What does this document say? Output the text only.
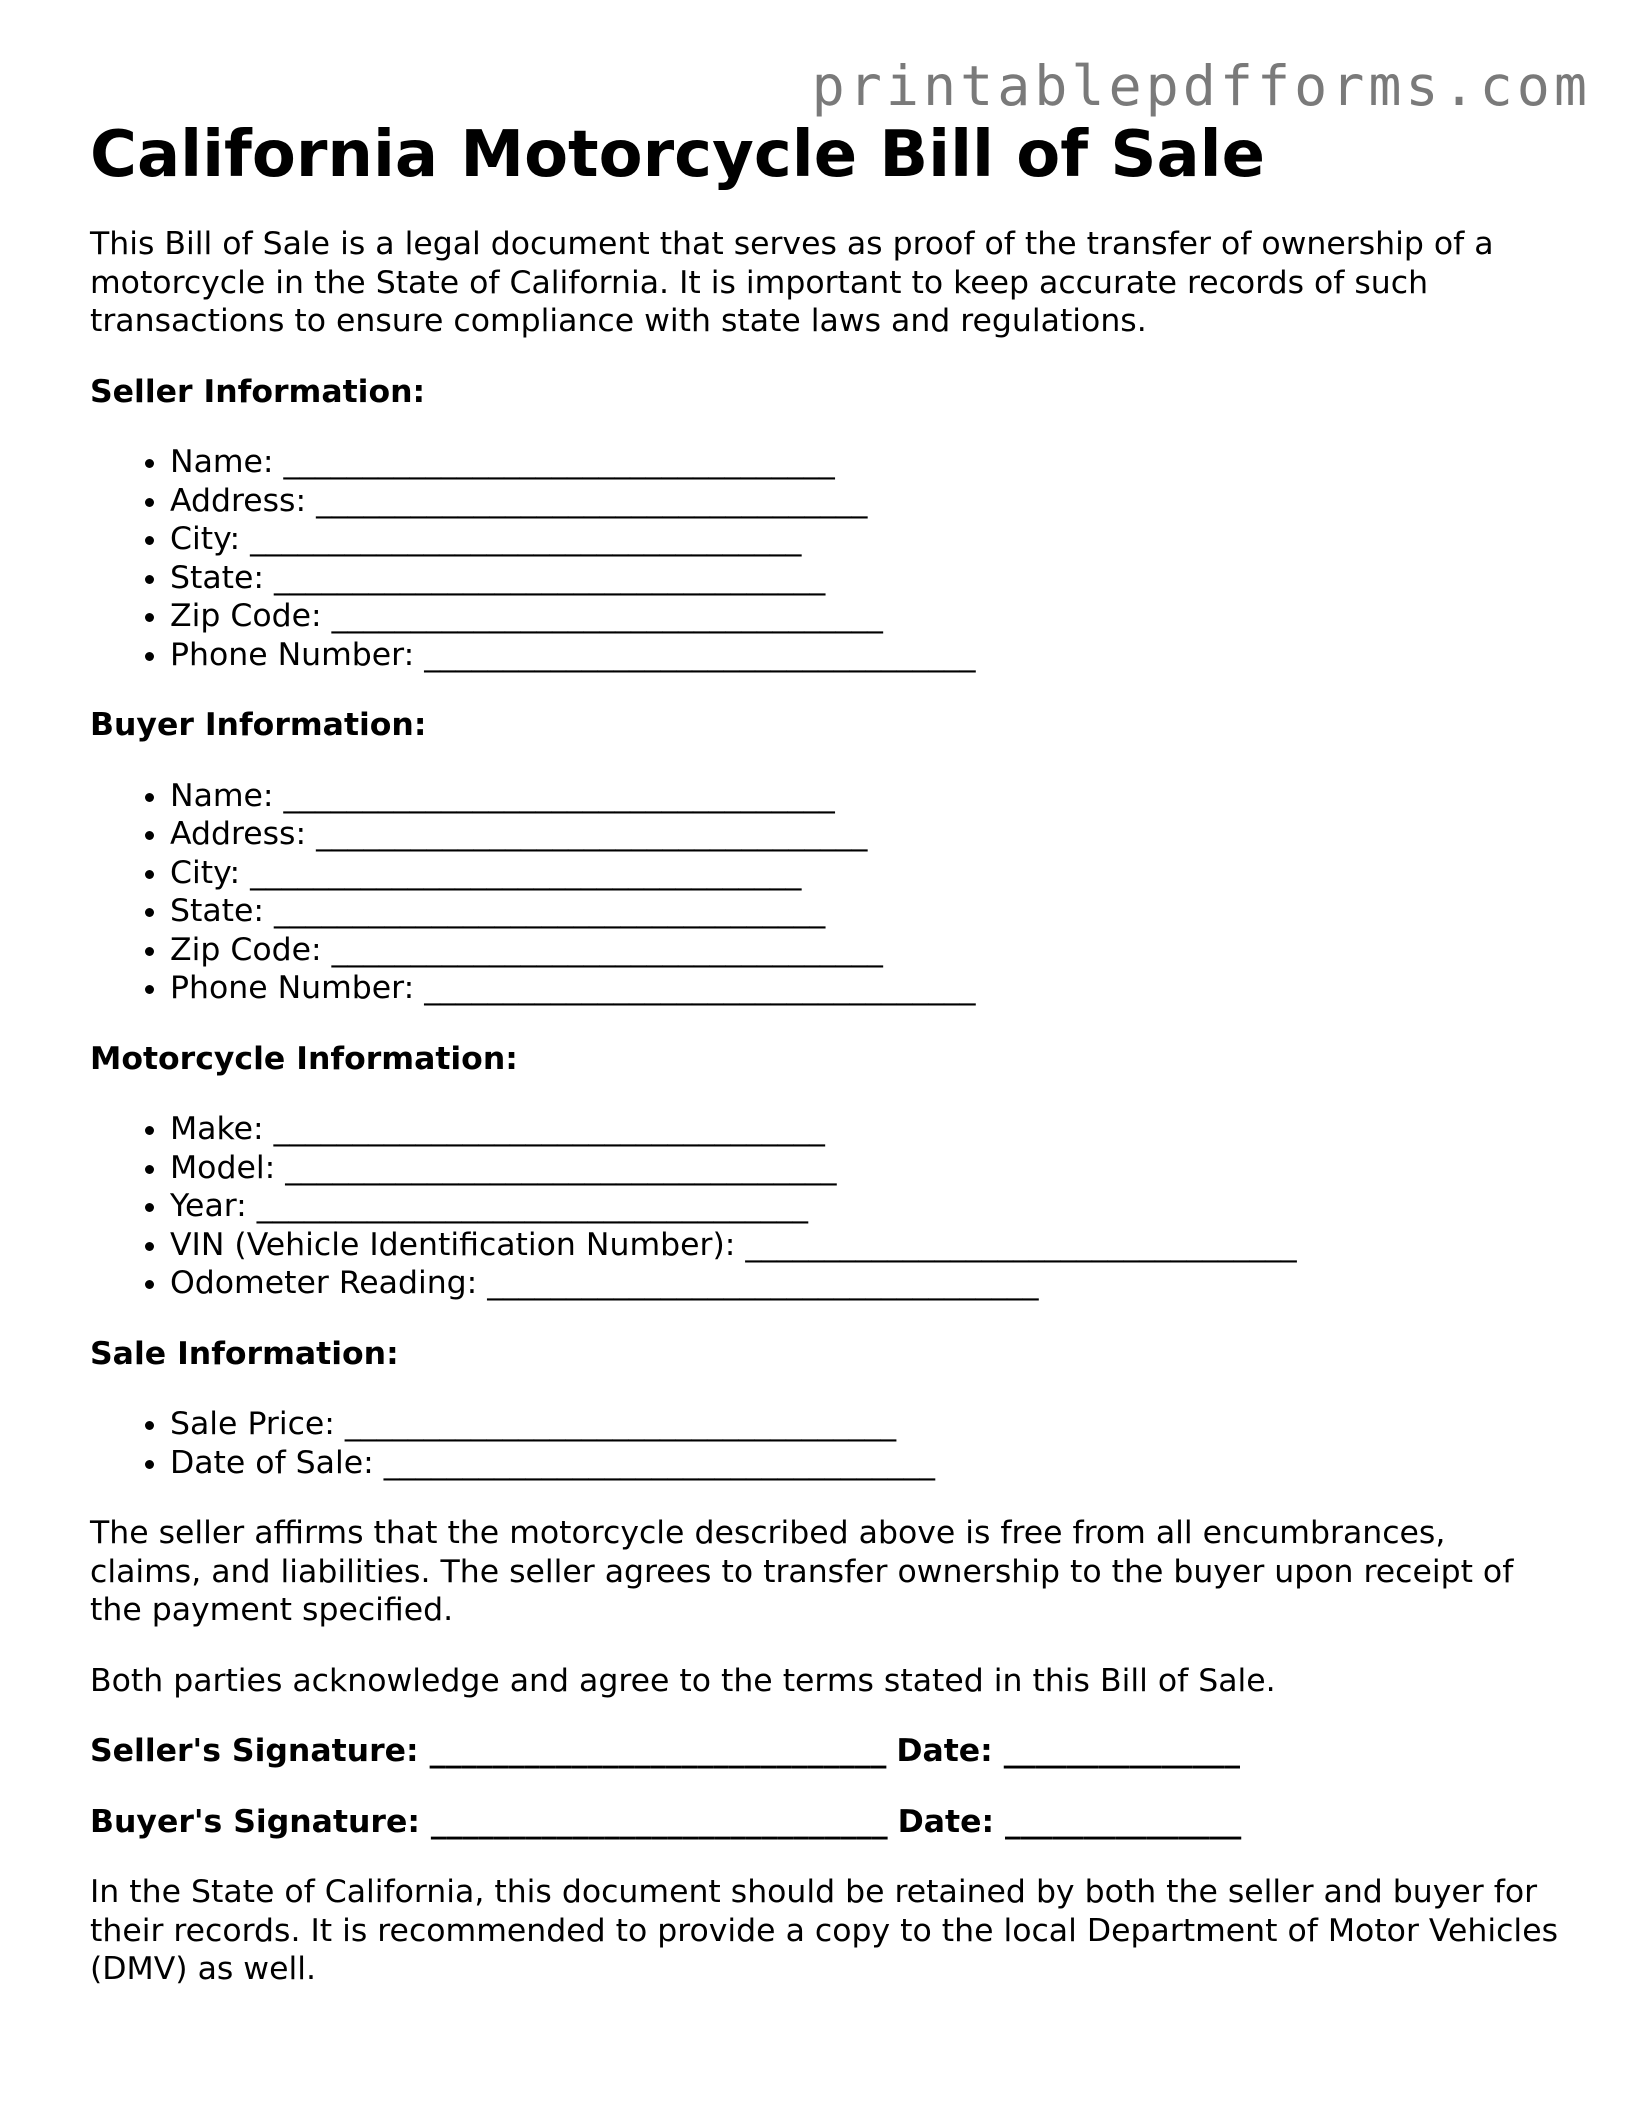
printablepdfforms.com
California Motorcycle Bill of Sale

This Bill of Sale is a legal document that serves as proof of the transfer of ownership of a motorcycle in the State of California. It is important to keep accurate records of such transactions to ensure compliance with state laws and regulations.

Seller Information:

• Name: ___________________________________
• Address: ___________________________________
• City: ___________________________________
• State: ___________________________________
• Zip Code: ___________________________________
• Phone Number: ___________________________________

Buyer Information:

• Name: ___________________________________
• Address: ___________________________________
• City: ___________________________________
• State: ___________________________________
• Zip Code: ___________________________________
• Phone Number: ___________________________________

Motorcycle Information:

• Make: ___________________________________
• Model: ___________________________________
• Year: ___________________________________
• VIN (Vehicle Identification Number): ___________________________________
• Odometer Reading: ___________________________________

Sale Information:

• Sale Price: ___________________________________
• Date of Sale: ___________________________________

The seller affirms that the motorcycle described above is free from all encumbrances, claims, and liabilities. The seller agrees to transfer ownership to the buyer upon receipt of the payment specified.

Both parties acknowledge and agree to the terms stated in this Bill of Sale.

Seller's Signature: _____________________________ Date: _______________

Buyer's Signature: _____________________________ Date: _______________

In the State of California, this document should be retained by both the seller and buyer for their records. It is recommended to provide a copy to the local Department of Motor Vehicles (DMV) as well.
